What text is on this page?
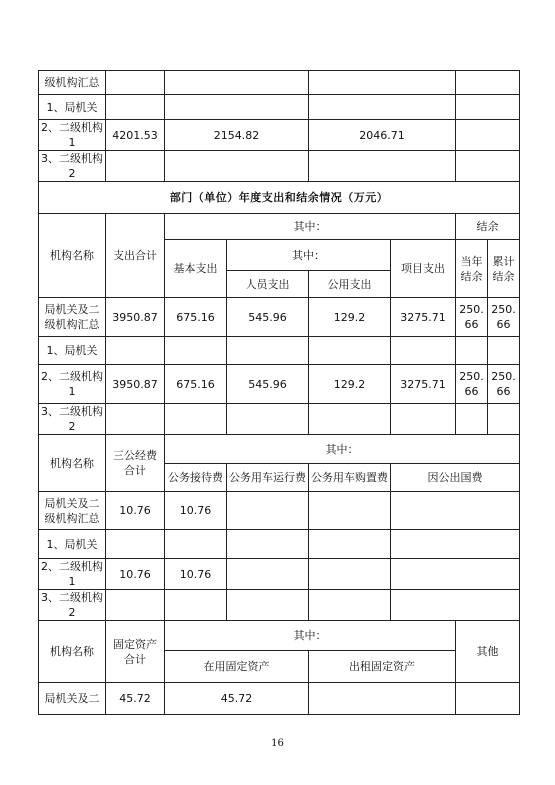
级机构汇总							
1、局机关							
2、二级机构 1	4201.53	2154.82		2046.71			
3、二级机构 2							
部门（单位）年度支出和结余情况（万元）							
机构名称	支出合计	其中：				结余	
		基本支出	其中：		项目支出	当年结余	累计结余
			人员支出	公用支出			
局机关及二级机构汇总	3950.87	675.16	545.96	129.2	3275.71	250.66	250.66
1、局机关							
2、二级机构 1	3950.87	675.16	545.96	129.2	3275.71	250.66	250.66
3、二级机构 2							
机构名称	三公经费合计	其中：					
		公务接待费	公务用车运行费	公务用车购置费	因公出国费		
局机关及二级机构汇总	10.76	10.76					
1、局机关							
2、二级机构 1	10.76	10.76					
3、二级机构 2							
机构名称	固定资产合计	其中：				其他	
		在用固定资产		出租固定资产			
局机关及二	45.72	45.72					
16
